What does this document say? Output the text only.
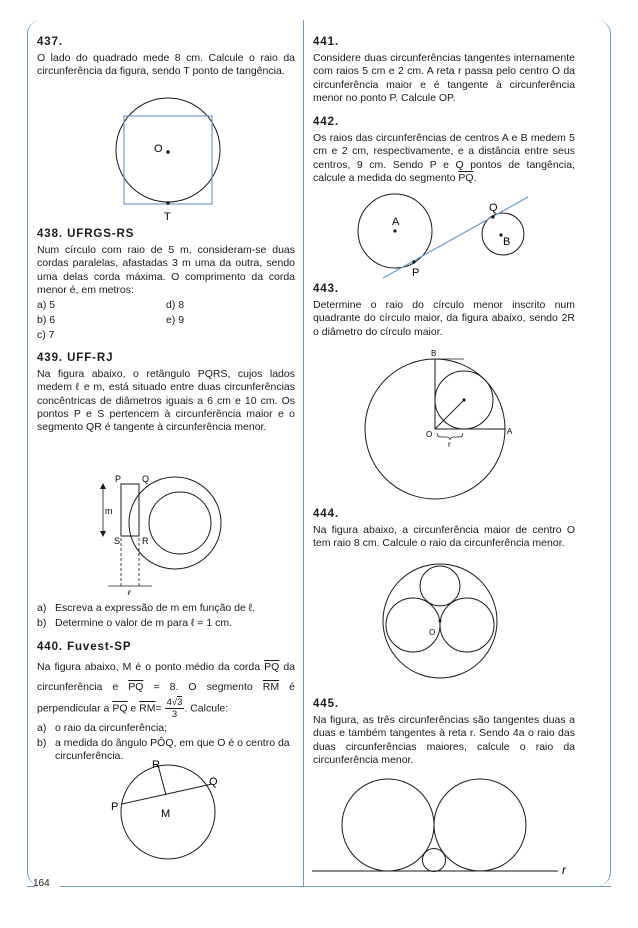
164

437.

O lado do quadrado mede 8 cm. Calcule o raio da circunferência da figura, sendo T ponto de tangência.

O
T

438. UFRGS-RS

Num círculo com raio de 5 m, consideram-se duas cordas paralelas, afastadas 3 m uma da outra, sendo uma delas corda máxima. O comprimento da corda menor é, em metros:

a) 5	d) 8
b) 6	e) 9
c) 7

439. UFF-RJ

Na figura abaixo, o retângulo PQRS, cujos lados medem ℓ e m, está situado entre duas circunferências concêntricas de diâmetros iguais a 6 cm e 10 cm. Os pontos P e S pertencem à circunferência maior e o segmento QR é tangente à circunferência menor.

P Q
S R
m
ℓ
a) Escreva a expressão de m em função de ℓ.
b) Determine o valor de m para ℓ = 1 cm.

440. Fuvest-SP

Na figura abaixo, M é o ponto médio da corda $\overline{PQ}$ da circunferência e $\overline{PQ} = 8$. O segmento $\overline{RM}$ é perpendicular a $\overline{PQ}$ e $\overline{RM}= \frac{4√3}{3}$ . Calcule:

a) o raio da circunferência;
b) a medida do ângulo PÔQ, em que O é o centro da circunferência.
R
Q
P
M

441.

Considere duas circunferências tangentes internamente com raios 5 cm e 2 cm. A reta r passa pelo centro O da circunferência maior e é tangente à circunferência menor no ponto P. Calcule OP.

442.

Os raios das circunferências de centros A e B medem 5 cm e 2 cm, respectivamente, e a distância entre seus centros, 9 cm. Sendo P e Q pontos de tangência, calcule a medida do segmento $\overline{PQ}$.

A
B
P
Q

443.

Determine o raio do círculo menor inscrito num quadrante do círculo maior, da figura abaixo, sendo 2R o diâmetro do círculo maior.

B
O	A
r

444.

Na figura abaixo, a circunferência maior de centro O tem raio 8 cm. Calcule o raio da circunferência menor.

O

445.

Na figura, as três circunferências são tangentes duas a duas e também tangentes à reta r. Sendo 4a o raio das duas circunferências maiores, calcule o raio da circunferência menor.

r
